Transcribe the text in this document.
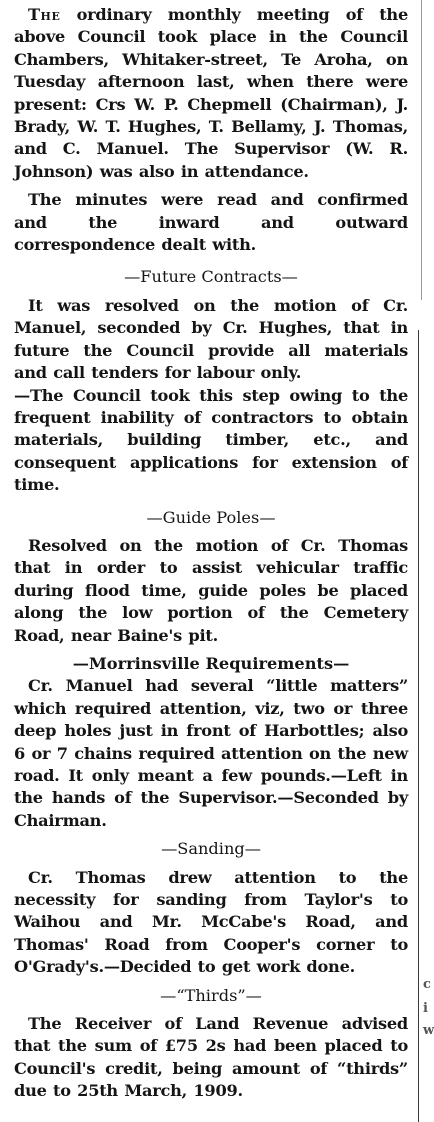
c
i
w

The ordinary monthly meeting of the above Council took place in the Council Chambers, Whitaker-street, Te Aroha, on Tuesday afternoon last, when there were present: Crs W. P. Chepmell (Chairman), J. Brady, W. T. Hughes, T. Bellamy, J. Thomas, and C. Manuel. The Supervisor (W. R. Johnson) was also in attendance.

The minutes were read and confirmed and the inward and outward correspondence dealt with.

—Future Contracts—

It was resolved on the motion of Cr. Manuel, seconded by Cr. Hughes, that in future the Council provide all materials and call tenders for labour only.

—The Council took this step owing to the frequent inability of contractors to obtain materials, building timber, etc., and consequent applications for extension of time.

—Guide Poles—

Resolved on the motion of Cr. Thomas that in order to assist vehicular traffic during flood time, guide poles be placed along the low portion of the Cemetery Road, near Baine's pit.

—Morrinsville Requirements—

Cr. Manuel had several “little matters” which required attention, viz, two or three deep holes just in front of Harbottles; also 6 or 7 chains required attention on the new road. It only meant a few pounds.—Left in the hands of the Supervisor.—Seconded by Chairman.

—Sanding—

Cr. Thomas drew attention to the necessity for sanding from Taylor's to Waihou and Mr. McCabe's Road, and Thomas' Road from Cooper's corner to O'Grady's.—Decided to get work done.

—“Thirds”—

The Receiver of Land Revenue advised that the sum of £75 2s had been placed to Council's credit, being amount of “thirds” due to 25th March, 1909.
